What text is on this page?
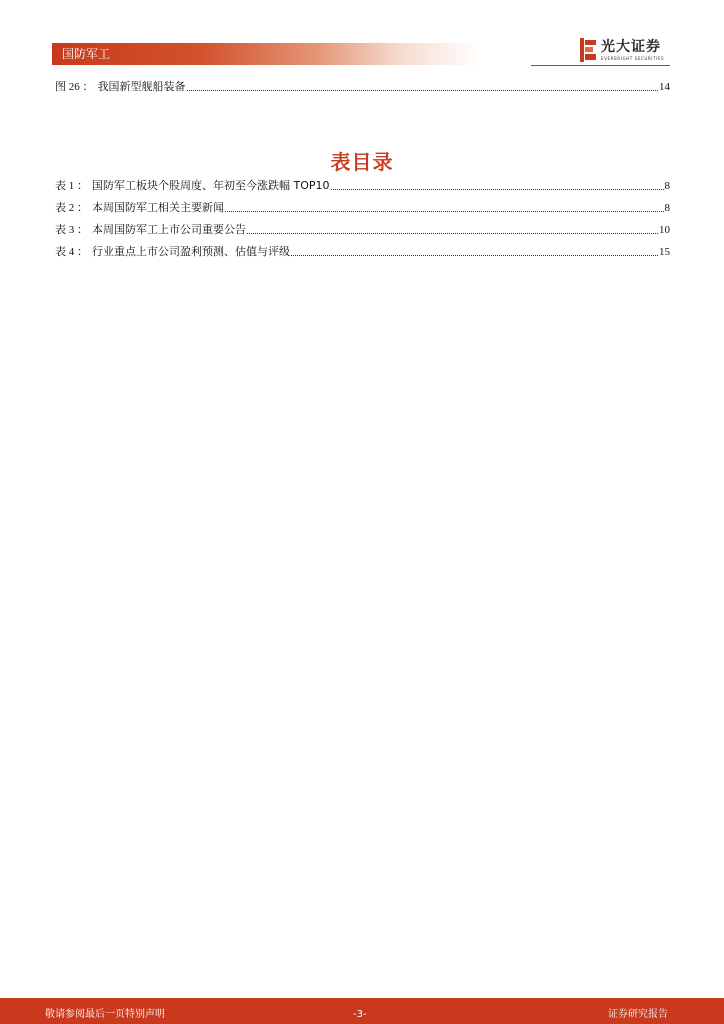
国防军工	光大证券
EVERBRIGHT SECURITIES
图 26 ： 我国新型舰船装备	14
表目录
表 1 ： 国防军工板块个股周度、年初至今涨跌幅 TOP10	8
表 2 ： 本周国防军工相关主要新闻	8
表 3 ： 本周国防军工上市公司重要公告	10
表 4 ： 行业重点上市公司盈利预测、估值与评级	15
敬请参阅最后一页特别声明	-3-	证券研究报告
